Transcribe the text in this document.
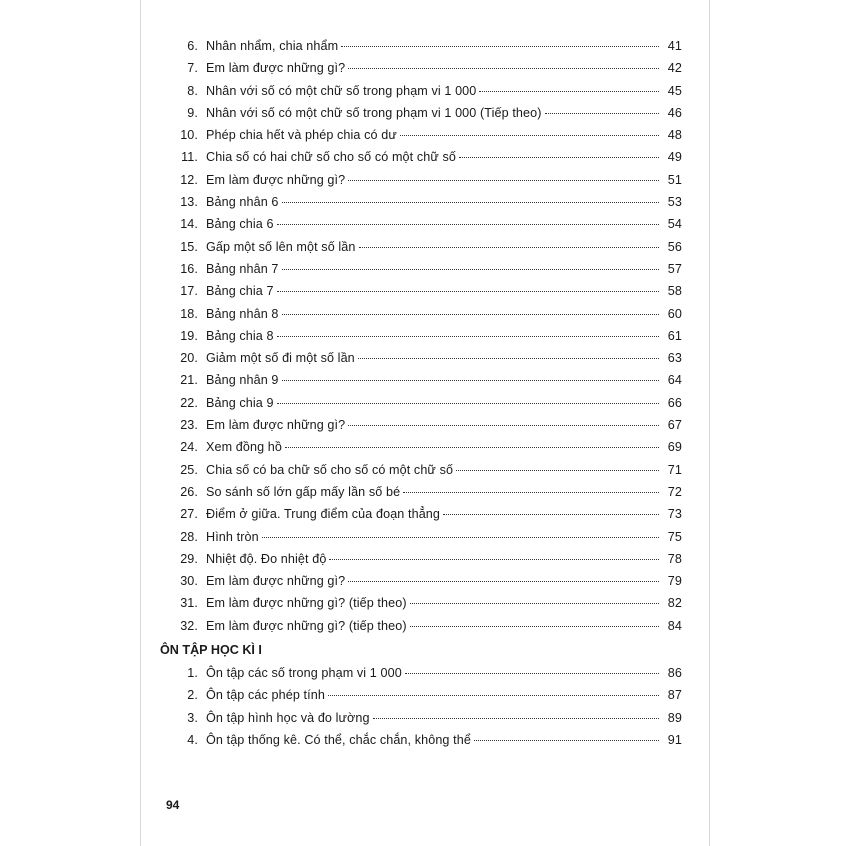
6. Nhân nhẩm, chia nhẩm	41
7. Em làm được những gì?	42
8. Nhân với số có một chữ số trong phạm vi 1 000	45
9. Nhân với số có một chữ số trong phạm vi 1 000 (Tiếp theo)	46
10. Phép chia hết và phép chia có dư	48
11. Chia số có hai chữ số cho số có một chữ số	49
12. Em làm được những gì?	51
13. Bảng nhân 6	53
14. Bảng chia 6	54
15. Gấp một số lên một số lần	56
16. Bảng nhân 7	57
17. Bảng chia 7	58
18. Bảng nhân 8	60
19. Bảng chia 8	61
20. Giảm một số đi một số lần	63
21. Bảng nhân 9	64
22. Bảng chia 9	66
23. Em làm được những gì?	67
24. Xem đồng hồ	69
25. Chia số có ba chữ số cho số có một chữ số	71
26. So sánh số lớn gấp mấy lần số bé	72
27. Điểm ở giữa. Trung điểm của đoạn thẳng	73
28. Hình tròn	75
29. Nhiệt độ. Đo nhiệt độ	78
30. Em làm được những gì?	79
31. Em làm được những gì? (tiếp theo)	82
32. Em làm được những gì? (tiếp theo)	84
ÔN TẬP HỌC KÌ I
1. Ôn tập các số trong phạm vi 1 000	86
2. Ôn tập các phép tính	87
3. Ôn tập hình học và đo lường	89
4. Ôn tập thống kê. Có thể, chắc chắn, không thể	91
94
